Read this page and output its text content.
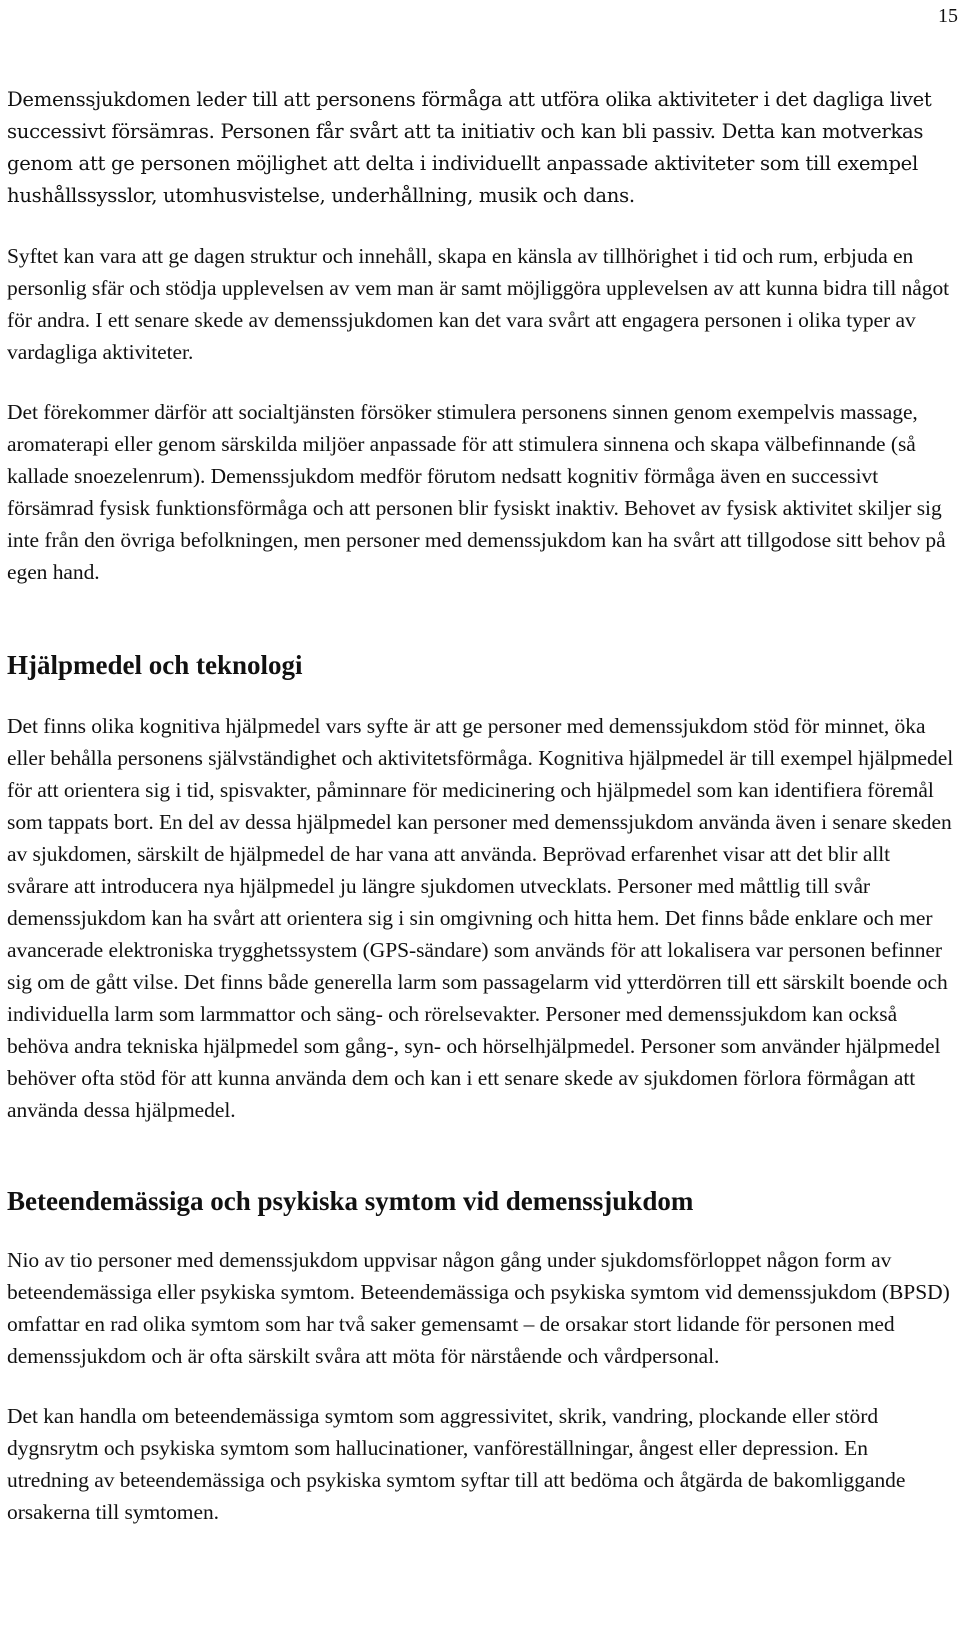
15

Demenssjukdomen leder till att personens förmåga att utföra olika aktiviteter i det dagliga livet successivt försämras. Personen får svårt att ta initiativ och kan bli passiv. Detta kan motverkas genom att ge personen möjlighet att delta i individuellt anpassade aktiviteter som till exempel hushållssysslor, utomhusvistelse, underhållning, musik och dans.

Syftet kan vara att ge dagen struktur och innehåll, skapa en känsla av tillhörighet i tid och rum, erbjuda en personlig sfär och stödja upplevelsen av vem man är samt möjliggöra upplevelsen av att kunna bidra till något för andra. I ett senare skede av demenssjukdomen kan det vara svårt att engagera personen i olika typer av vardagliga aktiviteter.

Det förekommer därför att socialtjänsten försöker stimulera personens sinnen genom exempelvis massage, aromaterapi eller genom särskilda miljöer anpassade för att stimulera sinnena och skapa välbefinnande (så kallade snoezelenrum). Demenssjukdom medför förutom nedsatt kognitiv förmåga även en successivt försämrad fysisk funktionsförmåga och att personen blir fysiskt inaktiv. Behovet av fysisk aktivitet skiljer sig inte från den övriga befolkningen, men personer med demenssjukdom kan ha svårt att tillgodose sitt behov på egen hand.

Hjälpmedel och teknologi

Det finns olika kognitiva hjälpmedel vars syfte är att ge personer med demenssjukdom stöd för minnet, öka eller behålla personens självständighet och aktivitetsförmåga. Kognitiva hjälpmedel är till exempel hjälpmedel för att orientera sig i tid, spisvakter, påminnare för medicinering och hjälpmedel som kan identifiera föremål som tappats bort. En del av dessa hjälpmedel kan personer med demenssjukdom använda även i senare skeden av sjukdomen, särskilt de hjälpmedel de har vana att använda. Beprövad erfarenhet visar att det blir allt svårare att introducera nya hjälpmedel ju längre sjukdomen utvecklats. Personer med måttlig till svår demenssjukdom kan ha svårt att orientera sig i sin omgivning och hitta hem. Det finns både enklare och mer avancerade elektroniska trygghetssystem (GPS-sändare) som används för att lokalisera var personen befinner sig om de gått vilse. Det finns både generella larm som passagelarm vid ytterdörren till ett särskilt boende och individuella larm som larmmattor och säng- och rörelsevakter. Personer med demenssjukdom kan också behöva andra tekniska hjälpmedel som gång-, syn- och hörselhjälpmedel. Personer som använder hjälpmedel behöver ofta stöd för att kunna använda dem och kan i ett senare skede av sjukdomen förlora förmågan att använda dessa hjälpmedel.

Beteendemässiga och psykiska symtom vid demenssjukdom

Nio av tio personer med demenssjukdom uppvisar någon gång under sjukdomsförloppet någon form av beteendemässiga eller psykiska symtom. Beteendemässiga och psykiska symtom vid demenssjukdom (BPSD) omfattar en rad olika symtom som har två saker gemensamt – de orsakar stort lidande för personen med demenssjukdom och är ofta särskilt svåra att möta för närstående och vårdpersonal.

Det kan handla om beteendemässiga symtom som aggressivitet, skrik, vandring, plockande eller störd dygnsrytm och psykiska symtom som hallucinationer, vanföreställningar, ångest eller depression. En utredning av beteendemässiga och psykiska symtom syftar till att bedöma och åtgärda de bakomliggande orsakerna till symtomen.
